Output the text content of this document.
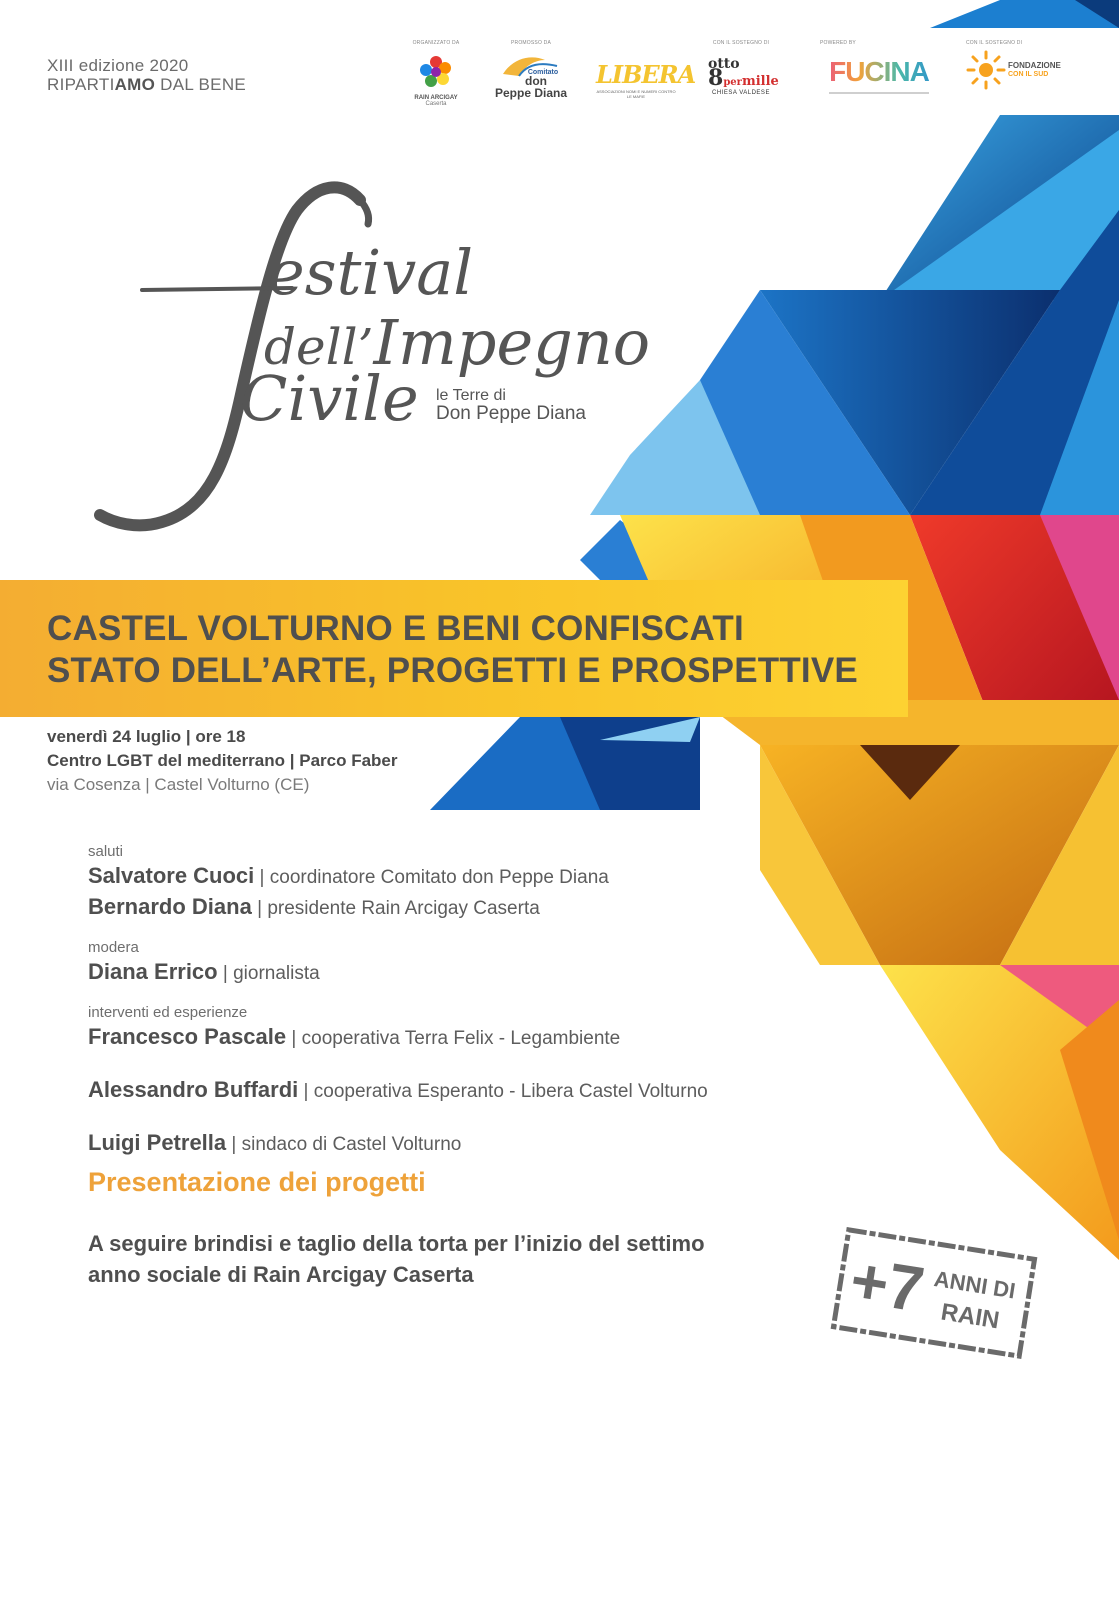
XIII edizione 2020
RIPARTIAMO DAL BENE
ORGANIZZATO DA
RAIN ARCIGAY
Caserta
PROMOSSO DA
Comitato
don
Peppe Diana
LIBERA
ASSOCIAZIONI NOMI E NUMERI CONTRO LE MAFIE
CON IL SOSTEGNO DI
otto
8permille
CHIESA VALDESE
POWERED BY
FUCINA
CON IL SOSTEGNO DI
FONDAZIONE
CON IL SUD
estival
dell’Impegno
Civile le Terre di
Don Peppe Diana
CASTEL VOLTURNO E BENI CONFISCATI
STATO DELL’ARTE, PROGETTI E PROSPETTIVE
venerdì 24 luglio | ore 18
Centro LGBT del mediterrano | Parco Faber
via Cosenza | Castel Volturno (CE)
saluti
Salvatore Cuoci | coordinatore Comitato don Peppe Diana
Bernardo Diana | presidente Rain Arcigay Caserta
modera
Diana Errico | giornalista
interventi ed esperienze
Francesco Pascale | cooperativa Terra Felix - Legambiente
Alessandro Buffardi | cooperativa Esperanto - Libera Castel Volturno
Luigi Petrella | sindaco di Castel Volturno
Presentazione dei progetti
A seguire brindisi e taglio della torta per l’inizio del settimo
anno sociale di Rain Arcigay Caserta	+7 ANNI DI
RAIN
